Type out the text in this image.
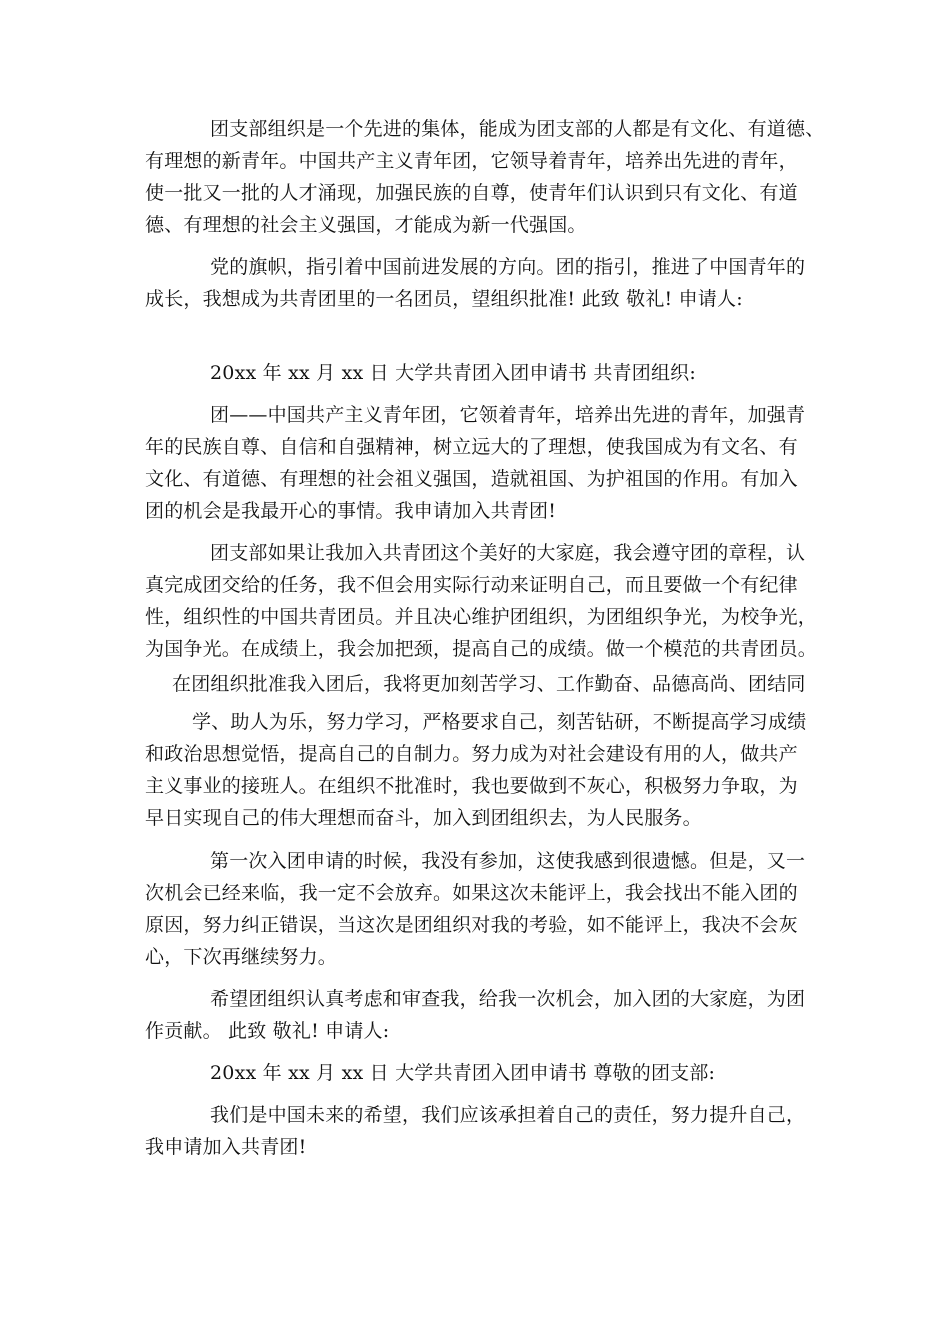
团支部组织是一个先进的集体，能成为团支部的人都是有文化、有道德、
有理想的新青年。中国共产主义青年团，它领导着青年，培养出先进的青年，
使一批又一批的人才涌现，加强民族的自尊，使青年们认识到只有文化、有道
德、有理想的社会主义强国，才能成为新一代强国。
党的旗帜，指引着中国前进发展的方向。团的指引，推进了中国青年的
成长，我想成为共青团里的一名团员，望组织批准! 此致 敬礼! 申请人:
20xx 年 xx 月 xx 日 大学共青团入团申请书 共青团组织:
团——中国共产主义青年团，它领着青年，培养出先进的青年，加强青
年的民族自尊、自信和自强精神，树立远大的了理想，使我国成为有文名、有
文化、有道德、有理想的社会祖义强国，造就祖国、为护祖国的作用。有加入
团的机会是我最开心的事情。我申请加入共青团!
团支部如果让我加入共青团这个美好的大家庭，我会遵守团的章程，认
真完成团交给的任务，我不但会用实际行动来证明自己，而且要做一个有纪律
性，组织性的中国共青团员。并且决心维护团组织，为团组织争光，为校争光，
为国争光。在成绩上，我会加把颈，提高自己的成绩。做一个模范的共青团员。
在团组织批准我入团后，我将更加刻苦学习、工作勤奋、品德高尚、团结同
学、助人为乐，努力学习，严格要求自己，刻苦钻研，不断提高学习成绩
和政治思想觉悟，提高自己的自制力。努力成为对社会建设有用的人，做共产
主义事业的接班人。在组织不批准时，我也要做到不灰心，积极努力争取，为
早日实现自己的伟大理想而奋斗，加入到团组织去，为人民服务。
第一次入团申请的时候，我没有参加，这使我感到很遗憾。但是，又一
次机会已经来临，我一定不会放弃。如果这次未能评上，我会找出不能入团的
原因，努力纠正错误，当这次是团组织对我的考验，如不能评上，我决不会灰
心，下次再继续努力。
希望团组织认真考虑和审查我，给我一次机会，加入团的大家庭，为团
作贡献。 此致 敬礼! 申请人:
20xx 年 xx 月 xx 日 大学共青团入团申请书 尊敬的团支部:
我们是中国未来的希望，我们应该承担着自己的责任，努力提升自己，
我申请加入共青团!
